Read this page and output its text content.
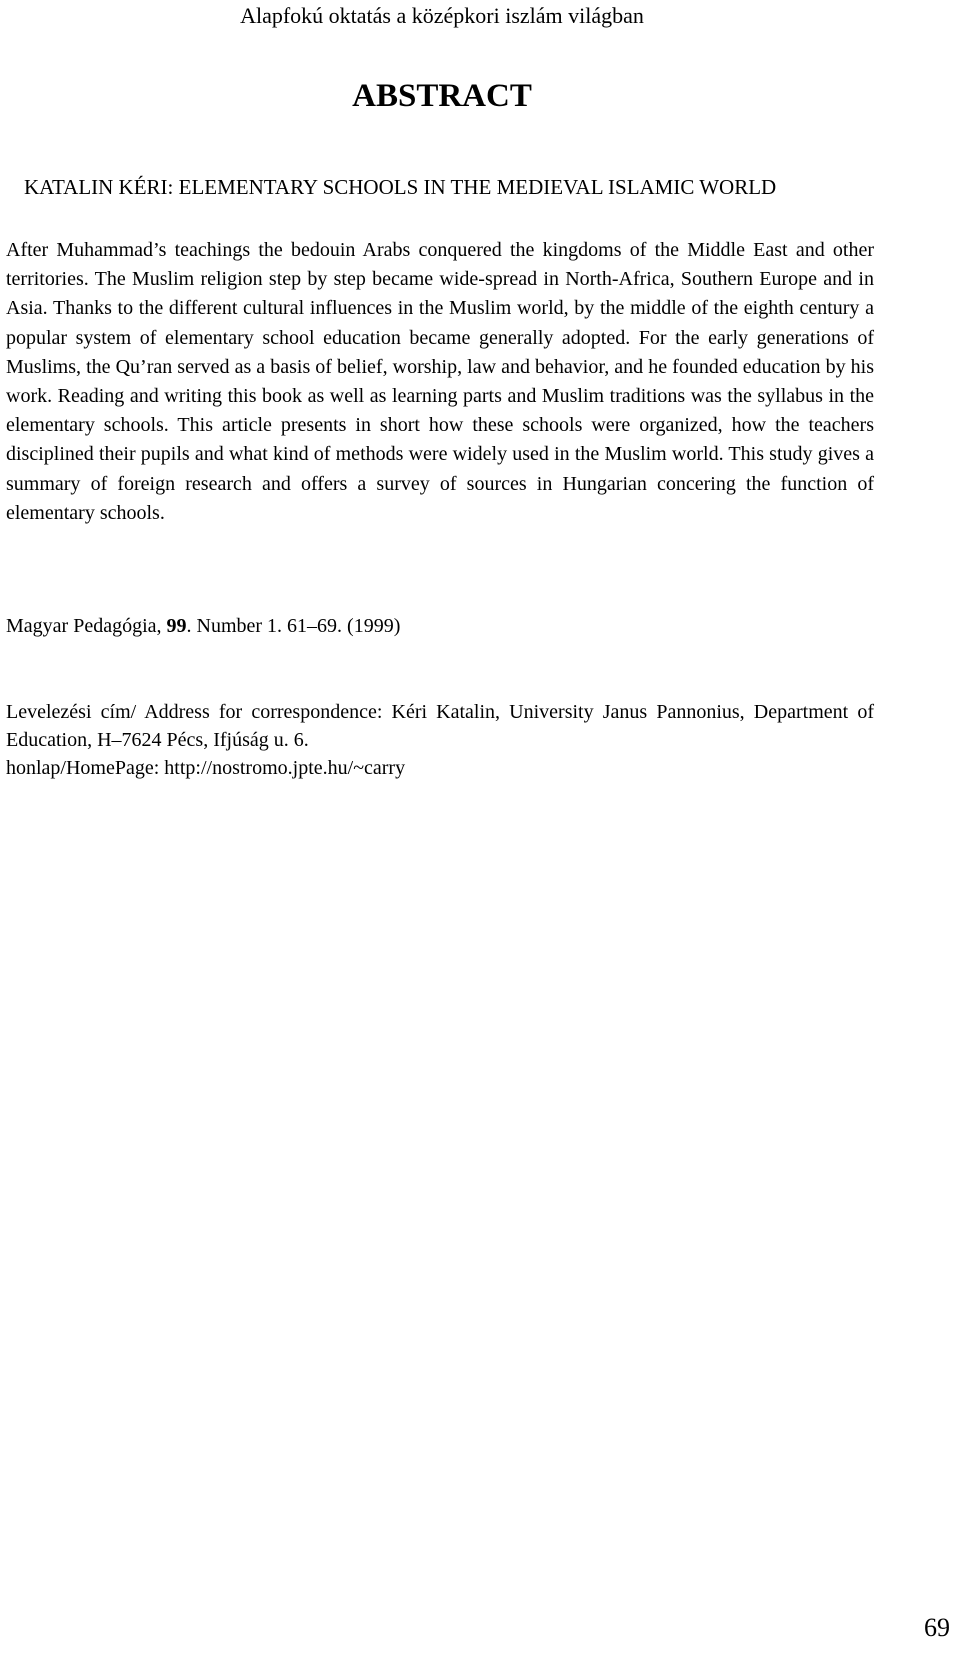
Alapfokú oktatás a középkori iszlám világban
ABSTRACT
KATALIN KÉRI: ELEMENTARY SCHOOLS IN THE MEDIEVAL ISLAMIC WORLD

After Muhammad’s teachings the bedouin Arabs conquered the kingdoms of the Middle East and other territories. The Muslim religion step by step became wide-spread in North-Africa, Southern Europe and in Asia. Thanks to the different cultural influences in the Muslim world, by the middle of the eighth century a popular system of elementary school education became generally adopted. For the early generations of Muslims, the Qu’ran served as a basis of belief, worship, law and behavior, and he founded education by his work. Reading and writing this book as well as learning parts and Muslim traditions was the syllabus in the elementary schools. This article presents in short how these schools were organized, how the teachers disciplined their pupils and what kind of methods were widely used in the Muslim world. This study gives a summary of foreign research and offers a survey of sources in Hungarian concering the function of elementary schools.

Magyar Pedagógia, 99. Number 1. 61–69. (1999)

Levelezési cím/ Address for correspondence: Kéri Katalin, University Janus Pannonius, Department of Education, H–7624 Pécs, Ifjúság u. 6.

honlap/HomePage: http://nostromo.jpte.hu/~carry
69
